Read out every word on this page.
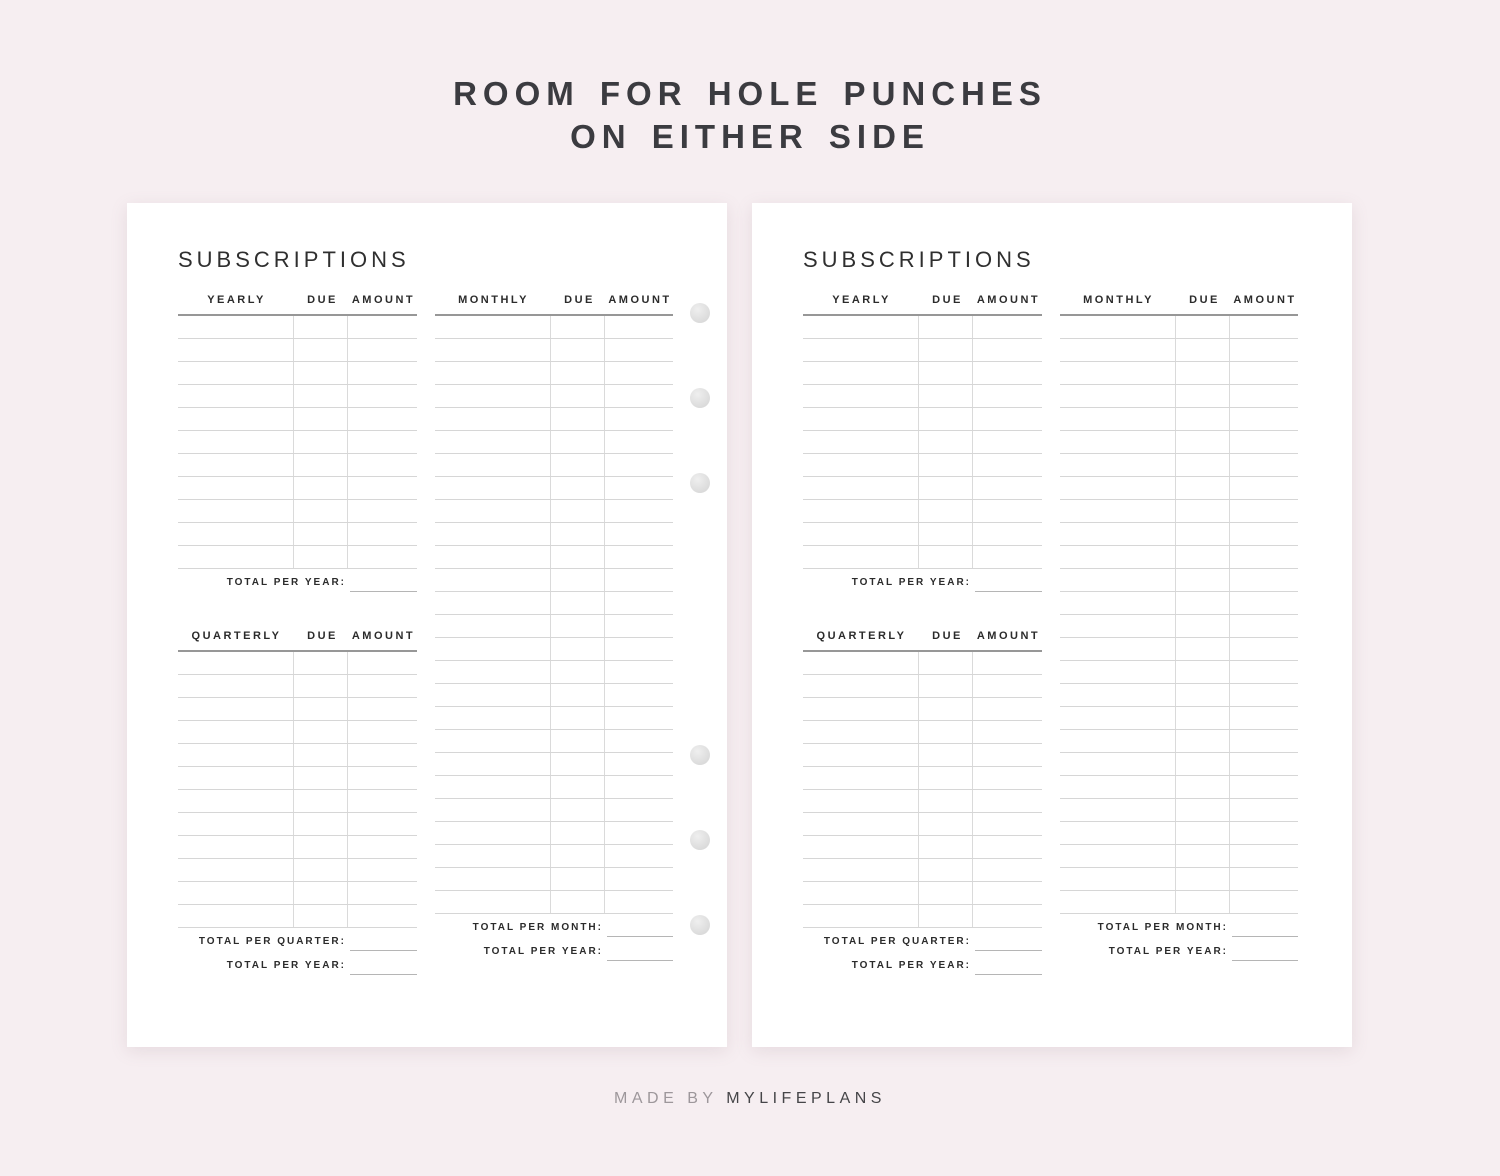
ROOM FOR HOLE PUNCHES
ON EITHER SIDE
SUBSCRIPTIONS
YEARLY	DUE	AMOUNT
TOTAL PER YEAR:
QUARTERLY	DUE	AMOUNT
TOTAL PER QUARTER:
TOTAL PER YEAR:
MONTHLY	DUE	AMOUNT
TOTAL PER MONTH:
TOTAL PER YEAR:
SUBSCRIPTIONS
YEARLY	DUE	AMOUNT
TOTAL PER YEAR:
QUARTERLY	DUE	AMOUNT
TOTAL PER QUARTER:
TOTAL PER YEAR:
MONTHLY	DUE	AMOUNT
TOTAL PER MONTH:
TOTAL PER YEAR:
MADE BY MYLIFEPLANS
